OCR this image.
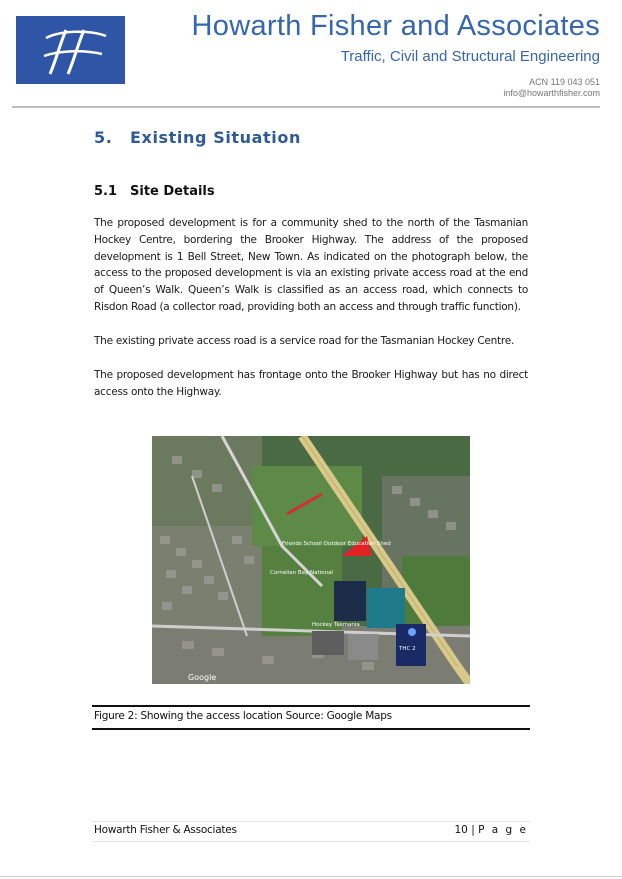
Howarth Fisher and Associates
Traffic, Civil and Structural Engineering
ACN 119 043 051
info@howarthfisher.com
5. Existing Situation
5.1 Site Details

The proposed development is for a community shed to the north of the Tasmanian Hockey Centre, bordering the Brooker Highway. The address of the proposed development is 1 Bell Street, New Town. As indicated on the photograph below, the access to the proposed development is via an existing private access road at the end of Queen’s Walk. Queen’s Walk is classified as an access road, which connects to Risdon Road (a collector road, providing both an access and through traffic function).

The existing private access road is a service road for the Tasmanian Hockey Centre.

The proposed development has frontage onto the Brooker Highway but has no direct access onto the Highway.

Friends School Outdoor Education Shed
Cornelian Bay National
Hockey Tasmania
THC 2
Google
Figure 2: Showing the access location Source: Google Maps
Howarth Fisher & Associates	10 | P a g e
